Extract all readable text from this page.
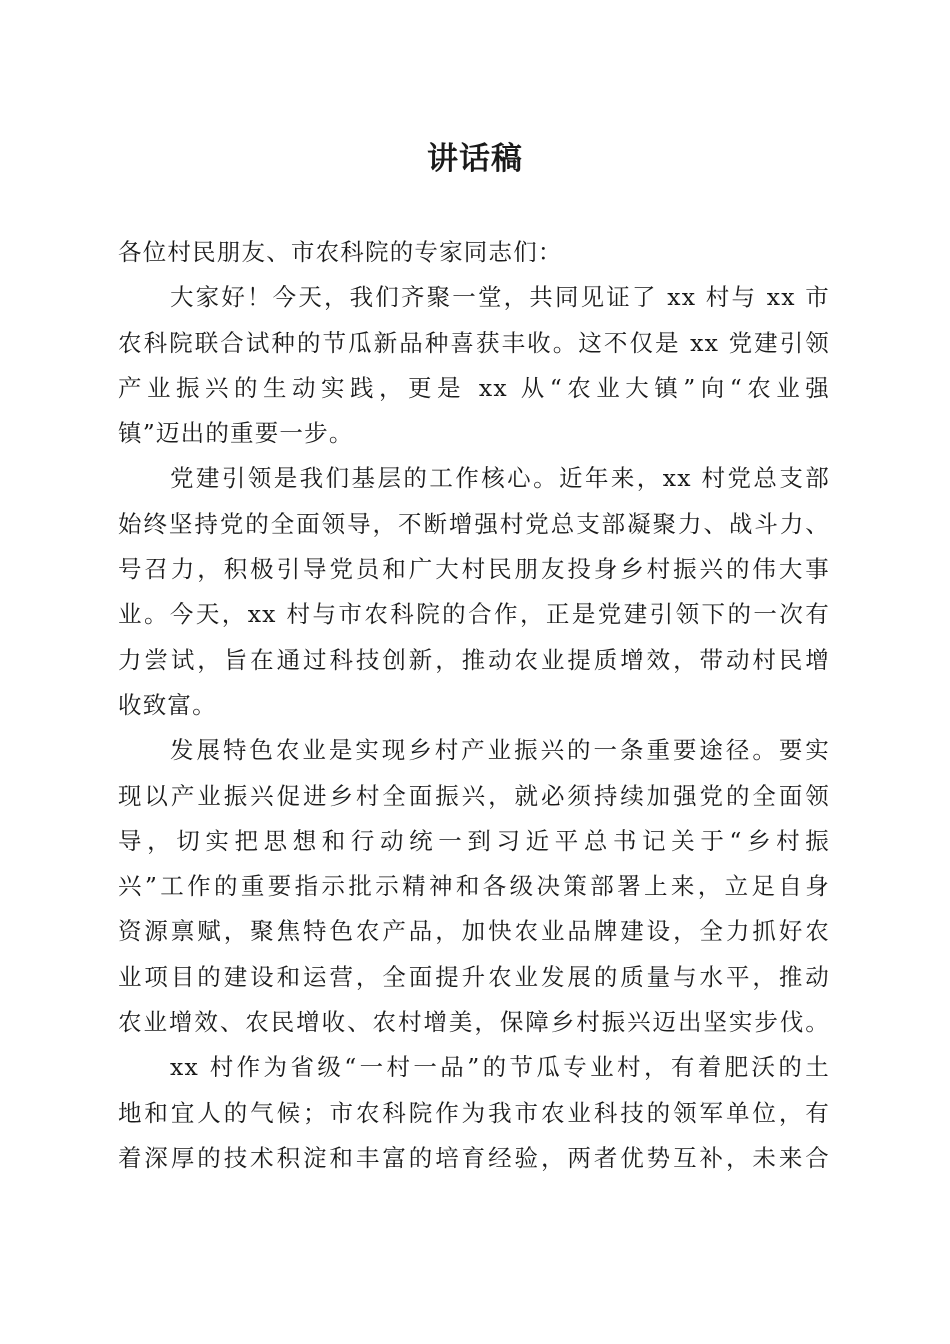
讲话稿
各位村民朋友、市农科院的专家同志们：
大家好！今天，我们齐聚一堂，共同见证了 xx 村与 xx 市
农科院联合试种的节瓜新品种喜获丰收。这不仅是 xx 党建引领
产业振兴的生动实践，更是 xx 从“农业大镇”向“农业强
镇”迈出的重要一步。
党建引领是我们基层的工作核心。近年来，xx 村党总支部
始终坚持党的全面领导，不断增强村党总支部凝聚力、战斗力、
号召力，积极引导党员和广大村民朋友投身乡村振兴的伟大事
业。今天，xx 村与市农科院的合作，正是党建引领下的一次有
力尝试，旨在通过科技创新，推动农业提质增效，带动村民增
收致富。
发展特色农业是实现乡村产业振兴的一条重要途径。要实
现以产业振兴促进乡村全面振兴，就必须持续加强党的全面领
导，切实把思想和行动统一到习近平总书记关于“乡村振
兴”工作的重要指示批示精神和各级决策部署上来，立足自身
资源禀赋，聚焦特色农产品，加快农业品牌建设，全力抓好农
业项目的建设和运营，全面提升农业发展的质量与水平，推动
农业增效、农民增收、农村增美，保障乡村振兴迈出坚实步伐。
xx 村作为省级“一村一品”的节瓜专业村，有着肥沃的土
地和宜人的气候；市农科院作为我市农业科技的领军单位，有
着深厚的技术积淀和丰富的培育经验，两者优势互补，未来合
